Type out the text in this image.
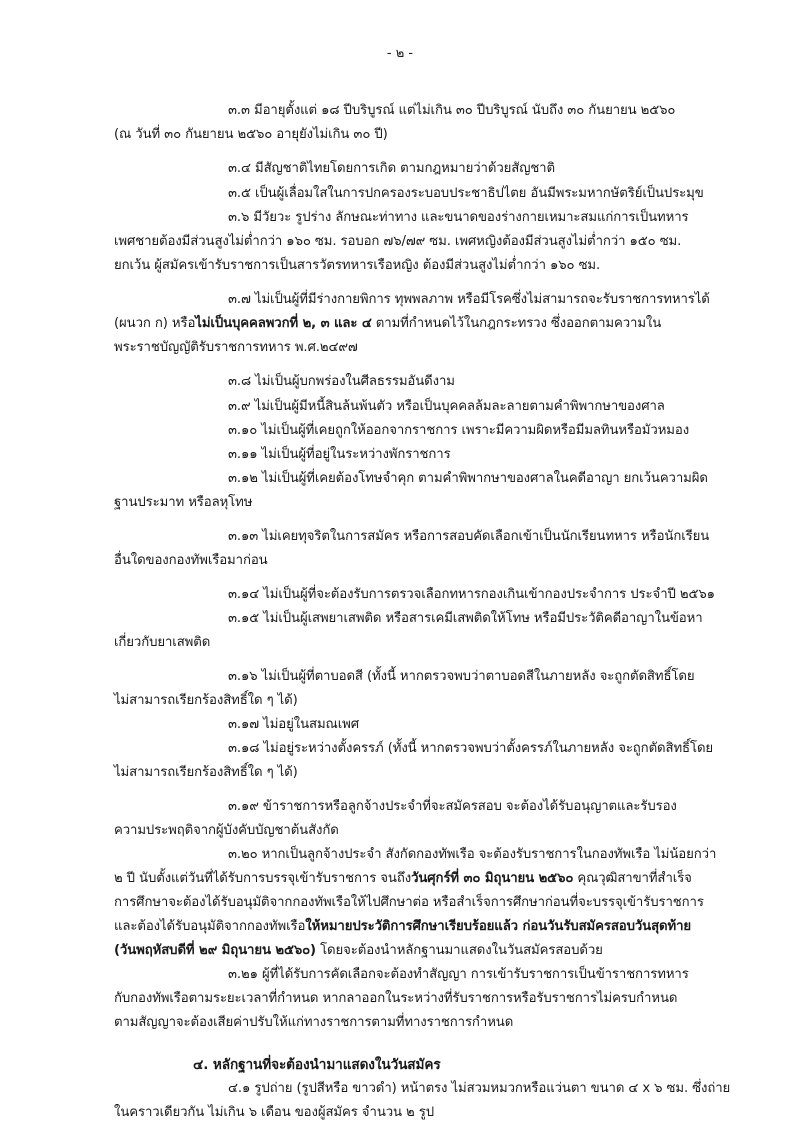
- ๒ -
๓.๓ มีอายุตั้งแต่ ๑๘ ปีบริบูรณ์ แต่ไม่เกิน ๓๐ ปีบริบูรณ์ นับถึง ๓๐ กันยายน ๒๕๖๐
(ณ วันที่ ๓๐ กันยายน ๒๕๖๐ อายุยังไม่เกิน ๓๐ ปี)
๓.๔ มีสัญชาติไทยโดยการเกิด ตามกฎหมายว่าด้วยสัญชาติ
๓.๕ เป็นผู้เลื่อมใสในการปกครองระบอบประชาธิปไตย อันมีพระมหากษัตริย์เป็นประมุข
๓.๖ มีวัยวะ รูปร่าง ลักษณะท่าทาง และขนาดของร่างกายเหมาะสมแก่การเป็นทหาร
เพศชายต้องมีส่วนสูงไม่ต่ำกว่า ๑๖๐ ซม. รอบอก ๗๖/๗๙ ซม. เพศหญิงต้องมีส่วนสูงไม่ต่ำกว่า ๑๕๐ ซม.
ยกเว้น ผู้สมัครเข้ารับราชการเป็นสารวัตรทหารเรือหญิง ต้องมีส่วนสูงไม่ต่ำกว่า ๑๖๐ ซม.
๓.๗ ไม่เป็นผู้ที่มีร่างกายพิการ ทุพพลภาพ หรือมีโรคซึ่งไม่สามารถจะรับราชการทหารได้
(ผนวก ก) หรือไม่เป็นบุคคลพวกที่ ๒, ๓ และ ๔ ตามที่กำหนดไว้ในกฎกระทรวง ซึ่งออกตามความใน
พระราชบัญญัติรับราชการทหาร พ.ศ.๒๔๙๗
๓.๘ ไม่เป็นผู้บกพร่องในศีลธรรมอันดีงาม
๓.๙ ไม่เป็นผู้มีหนี้สินล้นพ้นตัว หรือเป็นบุคคลล้มละลายตามคำพิพากษาของศาล
๓.๑๐ ไม่เป็นผู้ที่เคยถูกให้ออกจากราชการ เพราะมีความผิดหรือมีมลทินหรือมัวหมอง
๓.๑๑ ไม่เป็นผู้ที่อยู่ในระหว่างพักราชการ
๓.๑๒ ไม่เป็นผู้ที่เคยต้องโทษจำคุก ตามคำพิพากษาของศาลในคดีอาญา ยกเว้นความผิด
ฐานประมาท หรือลหุโทษ
๓.๑๓ ไม่เคยทุจริตในการสมัคร หรือการสอบคัดเลือกเข้าเป็นนักเรียนทหาร หรือนักเรียน
อื่นใดของกองทัพเรือมาก่อน
๓.๑๔ ไม่เป็นผู้ที่จะต้องรับการตรวจเลือกทหารกองเกินเข้ากองประจำการ ประจำปี ๒๕๖๑
๓.๑๕ ไม่เป็นผู้เสพยาเสพติด หรือสารเคมีเสพติดให้โทษ หรือมีประวัติคดีอาญาในข้อหา
เกี่ยวกับยาเสพติด
๓.๑๖ ไม่เป็นผู้ที่ตาบอดสี (ทั้งนี้ หากตรวจพบว่าตาบอดสีในภายหลัง จะถูกตัดสิทธิ์โดย
ไม่สามารถเรียกร้องสิทธิ์ใด ๆ ได้)
๓.๑๗ ไม่อยู่ในสมณเพศ
๓.๑๘ ไม่อยู่ระหว่างตั้งครรภ์ (ทั้งนี้ หากตรวจพบว่าตั้งครรภ์ในภายหลัง จะถูกตัดสิทธิ์โดย
ไม่สามารถเรียกร้องสิทธิ์ใด ๆ ได้)
๓.๑๙ ข้าราชการหรือลูกจ้างประจำที่จะสมัครสอบ จะต้องได้รับอนุญาตและรับรอง
ความประพฤติจากผู้บังคับบัญชาต้นสังกัด
๓.๒๐ หากเป็นลูกจ้างประจำ สังกัดกองทัพเรือ จะต้องรับราชการในกองทัพเรือ ไม่น้อยกว่า
๒ ปี นับตั้งแต่วันที่ได้รับการบรรจุเข้ารับราชการ จนถึงวันศุกร์ที่ ๓๐ มิถุนายน ๒๕๖๐ คุณวุฒิสาขาที่สำเร็จ
การศึกษาจะต้องได้รับอนุมัติจากกองทัพเรือให้ไปศึกษาต่อ หรือสำเร็จการศึกษาก่อนที่จะบรรจุเข้ารับราชการ
และต้องได้รับอนุมัติจากกองทัพเรือให้หมายประวัติการศึกษาเรียบร้อยแล้ว ก่อนวันรับสมัครสอบวันสุดท้าย
(วันพฤหัสบดีที่ ๒๙ มิถุนายน ๒๕๖๐) โดยจะต้องนำหลักฐานมาแสดงในวันสมัครสอบด้วย
๓.๒๑ ผู้ที่ได้รับการคัดเลือกจะต้องทำสัญญา การเข้ารับราชการเป็นข้าราชการทหาร
กับกองทัพเรือตามระยะเวลาที่กำหนด หากลาออกในระหว่างที่รับราชการหรือรับราชการไม่ครบกำหนด
ตามสัญญาจะต้องเสียค่าปรับให้แก่ทางราชการตามที่ทางราชการกำหนด
๔. หลักฐานที่จะต้องนำมาแสดงในวันสมัคร
๔.๑ รูปถ่าย (รูปสีหรือ ขาวดำ) หน้าตรง ไม่สวมหมวกหรือแว่นตา ขนาด ๔ x ๖ ซม. ซึ่งถ่าย
ในคราวเดียวกัน ไม่เกิน ๖ เดือน ของผู้สมัคร จำนวน ๒ รูป
